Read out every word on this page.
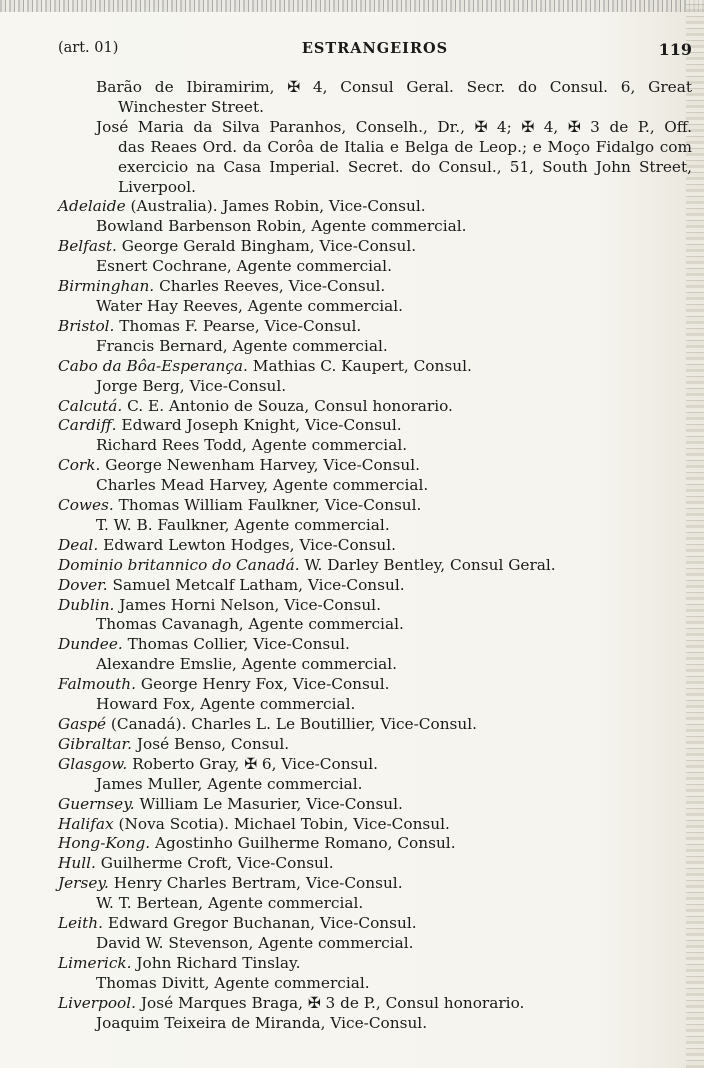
(art. 01)	ESTRANGEIROS	119
Barão de Ibiramirim, ✠ 4, Consul Geral. Secr. do Consul. 6, Great
Winchester Street.
José Maria da Silva Paranhos, Conselh., Dr., ✠ 4; ✠ 4, ✠ 3 de P., Off.
das Reaes Ord. da Corôa de Italia e Belga de Leop.; e Moço Fidalgo com
exercicio na Casa Imperial. Secret. do Consul., 51, South John Street,
Liverpool.
Adelaide (Australia). James Robin, Vice-Consul.
Bowland Barbenson Robin, Agente commercial.
Belfast. George Gerald Bingham, Vice-Consul.
Esnert Cochrane, Agente commercial.
Birminghan. Charles Reeves, Vice-Consul.
Water Hay Reeves, Agente commercial.
Bristol. Thomas F. Pearse, Vice-Consul.
Francis Bernard, Agente commercial.
Cabo da Bôa-Esperança. Mathias C. Kaupert, Consul.
Jorge Berg, Vice-Consul.
Calcutá. C. E. Antonio de Souza, Consul honorario.
Cardiff. Edward Joseph Knight, Vice-Consul.
Richard Rees Todd, Agente commercial.
Cork. George Newenham Harvey, Vice-Consul.
Charles Mead Harvey, Agente commercial.
Cowes. Thomas William Faulkner, Vice-Consul.
T. W. B. Faulkner, Agente commercial.
Deal. Edward Lewton Hodges, Vice-Consul.
Dominio britannico do Canadá. W. Darley Bentley, Consul Geral.
Dover. Samuel Metcalf Latham, Vice-Consul.
Dublin. James Horni Nelson, Vice-Consul.
Thomas Cavanagh, Agente commercial.
Dundee. Thomas Collier, Vice-Consul.
Alexandre Emslie, Agente commercial.
Falmouth. George Henry Fox, Vice-Consul.
Howard Fox, Agente commercial.
Gaspé (Canadá). Charles L. Le Boutillier, Vice-Consul.
Gibraltar. José Benso, Consul.
Glasgow. Roberto Gray, ✠ 6, Vice-Consul.
James Muller, Agente commercial.
Guernsey. William Le Masurier, Vice-Consul.
Halifax (Nova Scotia). Michael Tobin, Vice-Consul.
Hong-Kong. Agostinho Guilherme Romano, Consul.
Hull. Guilherme Croft, Vice-Consul.
Jersey. Henry Charles Bertram, Vice-Consul.
W. T. Bertean, Agente commercial.
Leith. Edward Gregor Buchanan, Vice-Consul.
David W. Stevenson, Agente commercial.
Limerick. John Richard Tinslay.
Thomas Divitt, Agente commercial.
Liverpool. José Marques Braga, ✠ 3 de P., Consul honorario.
Joaquim Teixeira de Miranda, Vice-Consul.
